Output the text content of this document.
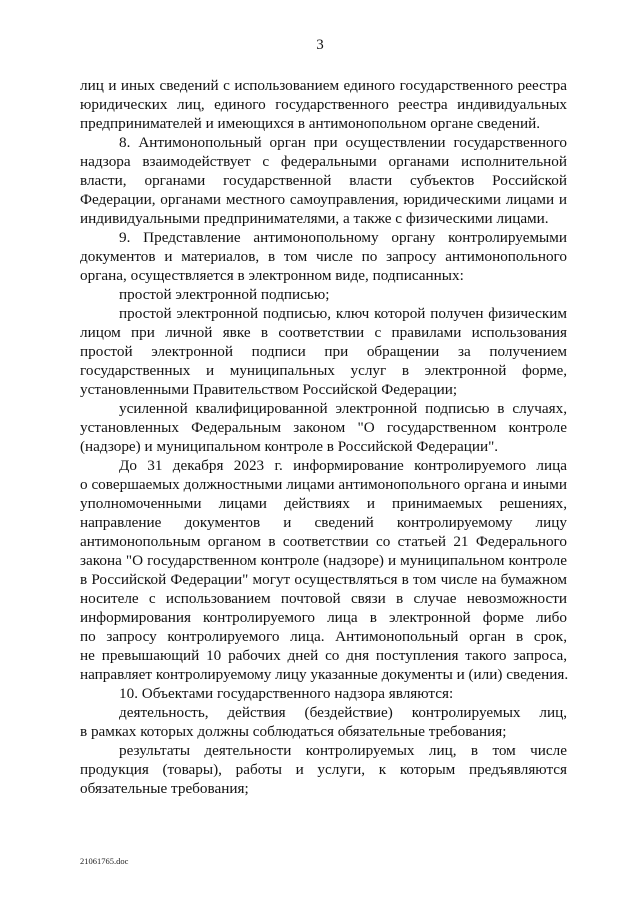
3
лиц и иных сведений с использованием единого государственного реестра
юридических лиц, единого государственного реестра индивидуальных
предпринимателей и имеющихся в антимонопольном органе сведений.
8. Антимонопольный орган при осуществлении государственного
надзора взаимодействует с федеральными органами исполнительной
власти, органами государственной власти субъектов Российской
Федерации, органами местного самоуправления, юридическими лицами и
индивидуальными предпринимателями, а также с физическими лицами.
9. Представление антимонопольному органу контролируемыми
документов и материалов, в том числе по запросу антимонопольного
органа, осуществляется в электронном виде, подписанных:
простой электронной подписью;
простой электронной подписью, ключ которой получен физическим
лицом при личной явке в соответствии с правилами использования
простой электронной подписи при обращении за получением
государственных и муниципальных услуг в электронной форме,
установленными Правительством Российской Федерации;
усиленной квалифицированной электронной подписью в случаях,
установленных Федеральным законом "О государственном контроле
(надзоре) и муниципальном контроле в Российской Федерации".
До 31 декабря 2023 г. информирование контролируемого лица
о совершаемых должностными лицами антимонопольного органа и иными
уполномоченными лицами действиях и принимаемых решениях,
направление документов и сведений контролируемому лицу
антимонопольным органом в соответствии со статьей 21 Федерального
закона "О государственном контроле (надзоре) и муниципальном контроле
в Российской Федерации" могут осуществляться в том числе на бумажном
носителе с использованием почтовой связи в случае невозможности
информирования контролируемого лица в электронной форме либо
по запросу контролируемого лица. Антимонопольный орган в срок,
не превышающий 10 рабочих дней со дня поступления такого запроса,
направляет контролируемому лицу указанные документы и (или) сведения.
10. Объектами государственного надзора являются:
деятельность, действия (бездействие) контролируемых лиц,
в рамках которых должны соблюдаться обязательные требования;
результаты деятельности контролируемых лиц, в том числе
продукция (товары), работы и услуги, к которым предъявляются
обязательные требования;
21061765.doc
